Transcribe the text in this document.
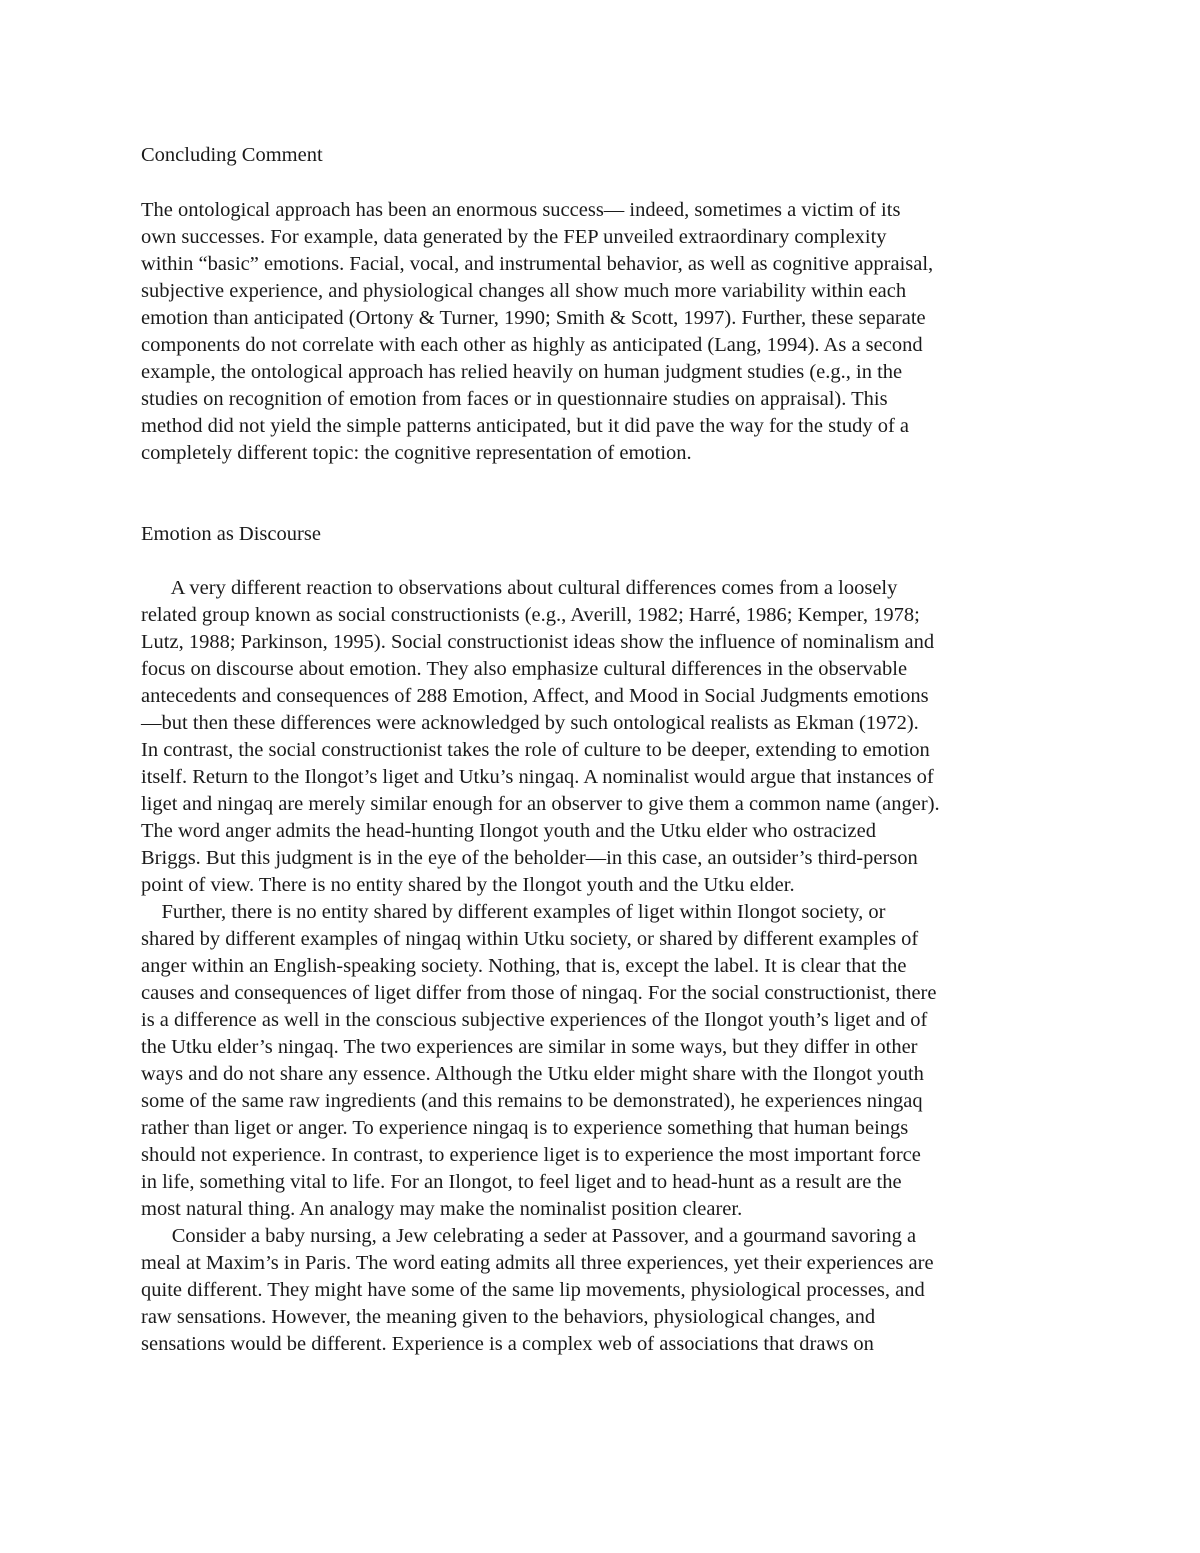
Concluding Comment
The ontological approach has been an enormous success— indeed, sometimes a victim of its
own successes. For example, data generated by the FEP unveiled extraordinary complexity
within “basic” emotions. Facial, vocal, and instrumental behavior, as well as cognitive appraisal,
subjective experience, and physiological changes all show much more variability within each
emotion than anticipated (Ortony & Turner, 1990; Smith & Scott, 1997). Further, these separate
components do not correlate with each other as highly as anticipated (Lang, 1994). As a second
example, the ontological approach has relied heavily on human judgment studies (e.g., in the
studies on recognition of emotion from faces or in questionnaire studies on appraisal). This
method did not yield the simple patterns anticipated, but it did pave the way for the study of a
completely different topic: the cognitive representation of emotion.
Emotion as Discourse
A very different reaction to observations about cultural differences comes from a loosely
related group known as social constructionists (e.g., Averill, 1982; Harré, 1986; Kemper, 1978;
Lutz, 1988; Parkinson, 1995). Social constructionist ideas show the influence of nominalism and
focus on discourse about emotion. They also emphasize cultural differences in the observable
antecedents and consequences of 288 Emotion, Affect, and Mood in Social Judgments emotions
—but then these differences were acknowledged by such ontological realists as Ekman (1972).
In contrast, the social constructionist takes the role of culture to be deeper, extending to emotion
itself. Return to the Ilongot’s liget and Utku’s ningaq. A nominalist would argue that instances of
liget and ningaq are merely similar enough for an observer to give them a common name (anger).
The word anger admits the head-hunting Ilongot youth and the Utku elder who ostracized
Briggs. But this judgment is in the eye of the beholder—in this case, an outsider’s third-person
point of view. There is no entity shared by the Ilongot youth and the Utku elder.
Further, there is no entity shared by different examples of liget within Ilongot society, or
shared by different examples of ningaq within Utku society, or shared by different examples of
anger within an English-speaking society. Nothing, that is, except the label. It is clear that the
causes and consequences of liget differ from those of ningaq. For the social constructionist, there
is a difference as well in the conscious subjective experiences of the Ilongot youth’s liget and of
the Utku elder’s ningaq. The two experiences are similar in some ways, but they differ in other
ways and do not share any essence. Although the Utku elder might share with the Ilongot youth
some of the same raw ingredients (and this remains to be demonstrated), he experiences ningaq
rather than liget or anger. To experience ningaq is to experience something that human beings
should not experience. In contrast, to experience liget is to experience the most important force
in life, something vital to life. For an Ilongot, to feel liget and to head-hunt as a result are the
most natural thing. An analogy may make the nominalist position clearer.
Consider a baby nursing, a Jew celebrating a seder at Passover, and a gourmand savoring a
meal at Maxim’s in Paris. The word eating admits all three experiences, yet their experiences are
quite different. They might have some of the same lip movements, physiological processes, and
raw sensations. However, the meaning given to the behaviors, physiological changes, and
sensations would be different. Experience is a complex web of associations that draws on
